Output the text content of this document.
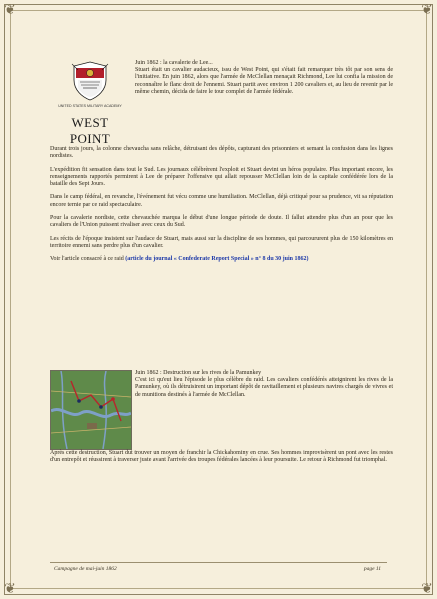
❦	❦
❦	❦
UNITED STATES MILITARY ACADEMY
WEST POINT
Juin 1862 : la cavalerie de Lee...
Stuart était un cavalier audacieux, issu de West Point, qui s'était fait remarquer très tôt par son sens de l'initiative. En juin 1862, alors que l'armée de McClellan menaçait Richmond, Lee lui confia la mission de reconnaître le flanc droit de l'ennemi. Stuart partit avec environ 1 200 cavaliers et, au lieu de revenir par le même chemin, décida de faire le tour complet de l'armée fédérale.

Durant trois jours, la colonne chevaucha sans relâche, détruisant des dépôts, capturant des prisonniers et semant la confusion dans les lignes nordistes.

L'expédition fit sensation dans tout le Sud. Les journaux célébrèrent l'exploit et Stuart devint un héros populaire. Plus important encore, les renseignements rapportés permirent à Lee de préparer l'offensive qui allait repousser McClellan loin de la capitale confédérée lors de la bataille des Sept Jours.

Dans le camp fédéral, en revanche, l'événement fut vécu comme une humiliation. McClellan, déjà critiqué pour sa prudence, vit sa réputation encore ternie par ce raid spectaculaire.

Pour la cavalerie nordiste, cette chevauchée marqua le début d'une longue période de doute. Il fallut attendre plus d'un an pour que les cavaliers de l'Union puissent rivaliser avec ceux du Sud.

Les récits de l'époque insistent sur l'audace de Stuart, mais aussi sur la discipline de ses hommes, qui parcoururent plus de 150 kilomètres en territoire ennemi sans perdre plus d'un cavalier.

Voir l'article consacré à ce raid (article du journal « Confederate Report Special » n° 8 du 30 juin 1862)

Juin 1862 : Destruction sur les rives de la Pamunkey
C'est ici qu'eut lieu l'épisode le plus célèbre du raid. Les cavaliers confédérés atteignirent les rives de la Pamunkey, où ils détruisirent un important dépôt de ravitaillement et plusieurs navires chargés de vivres et de munitions destinés à l'armée de McClellan.
Après cette destruction, Stuart dut trouver un moyen de franchir la Chickahominy en crue. Ses hommes improvisèrent un pont avec les restes d'un entrepôt et réussirent à traverser juste avant l'arrivée des troupes fédérales lancées à leur poursuite. Le retour à Richmond fut triomphal.
Campagne de mai-juin 1862	page 11
